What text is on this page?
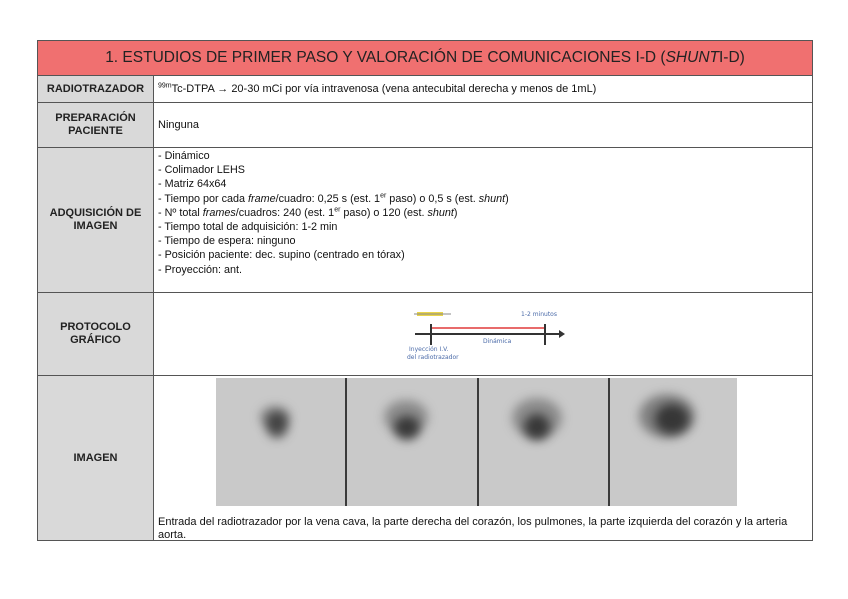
1. ESTUDIOS DE PRIMER PASO Y VALORACIÓN DE COMUNICACIONES I-D ( SHUNT I-D)
RADIOTRAZADOR	$^{99m}$Tc-DTPA → 20-30 mCi por vía intravenosa (vena antecubital derecha y menos de 1mL)
PREPARACIÓN PACIENTE
Ninguna
ADQUISICIÓN DE IMAGEN
- Dinámico
- Colimador LEHS
- Matriz 64x64
- Tiempo por cada frame/cuadro: 0,25 s (est. 1er paso) o 0,5 s (est. shunt)
- Nº total frames/cuadros: 240 (est. 1er paso) o 120 (est. shunt)
- Tiempo total de adquisición: 1-2 min
- Tiempo de espera: ninguno
- Posición paciente: dec. supino (centrado en tórax)
- Proyección: ant.
PROTOCOLO GRÁFICO
1-2 minutos
Dinámica
Inyección I.V.
del radiotrazador
IMAGEN
Entrada del radiotrazador por la vena cava, la parte derecha del corazón, los pulmones, la parte izquierda del corazón y la arteria aorta.
